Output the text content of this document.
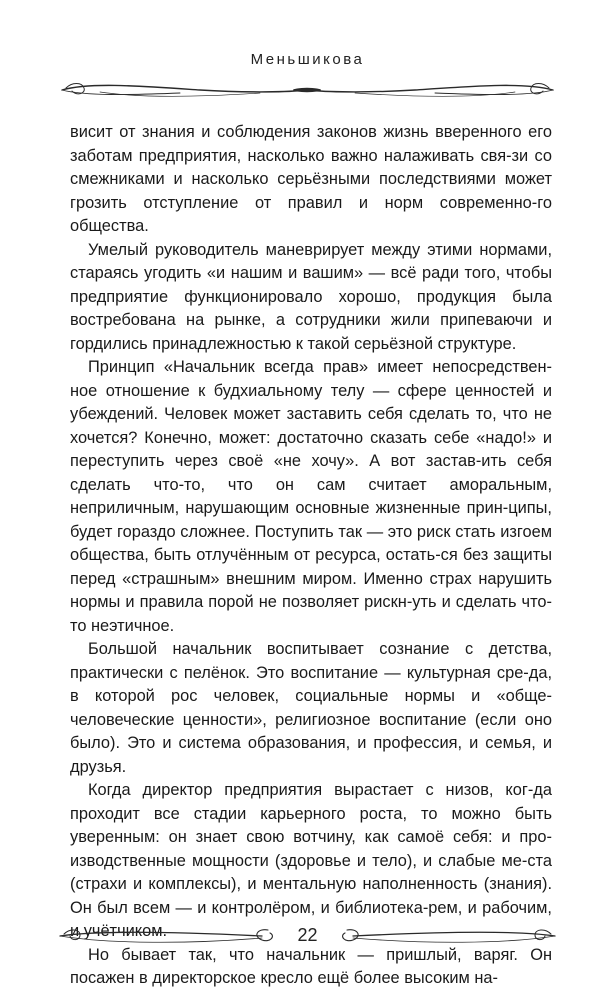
Меньшикова

висит от знания и соблюдения законов жизнь вверенного его заботам предприятия, насколько важно налаживать свя-зи со смежниками и насколько серьёзными последствиями может грозить отступление от правил и норм современно-го общества.

Умелый руководитель маневрирует между этими нормами, стараясь угодить «и нашим и вашим» — всё ради того, чтобы предприятие функционировало хорошо, продукция была востребована на рынке, а сотрудники жили припеваючи и гордились принадлежностью к такой серьёзной структуре.

Принцип «Начальник всегда прав» имеет непосредствен-ное отношение к будхиальному телу — сфере ценностей и убеждений. Человек может заставить себя сделать то, что не хочется? Конечно, может: достаточно сказать себе «надо!» и переступить через своё «не хочу». А вот застав-ить себя сделать что-то, что он сам считает аморальным, неприличным, нарушающим основные жизненные прин-ципы, будет гораздо сложнее. Поступить так — это риск стать изгоем общества, быть отлучённым от ресурса, остать-ся без защиты перед «страшным» внешним миром. Именно страх нарушить нормы и правила порой не позволяет рискн-уть и сделать что-то неэтичное.

Большой начальник воспитывает сознание с детства, практически с пелёнок. Это воспитание — культурная сре-да, в которой рос человек, социальные нормы и «обще-человеческие ценности», религиозное воспитание (если оно было). Это и система образования, и профессия, и семья, и друзья.

Когда директор предприятия вырастает с низов, ког-да проходит все стадии карьерного роста, то можно быть уверенным: он знает свою вотчину, как самоё себя: и про-изводственные мощности (здоровье и тело), и слабые ме-ста (страхи и комплексы), и ментальную наполненность (знания). Он был всем — и контролёром, и библиотека-рем, и рабочим, и учётчиком.

Но бывает так, что начальник — пришлый, варяг. Он посажен в директорское кресло ещё более высоким на-

22
